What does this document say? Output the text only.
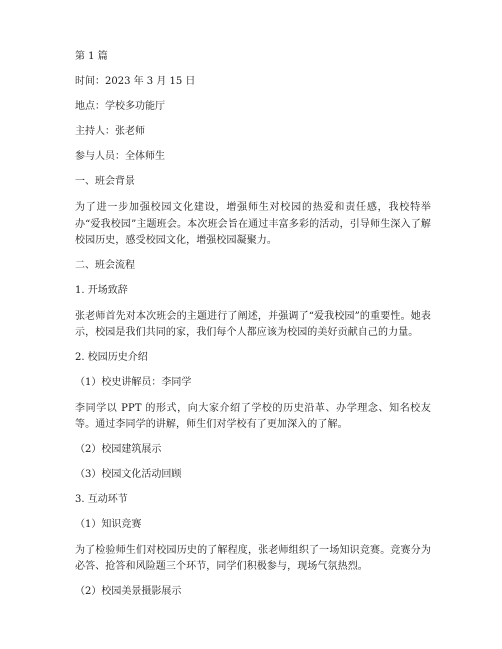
第 1 篇

时间：2023 年 3 月 15 日

地点：学校多功能厅

主持人：张老师

参与人员：全体师生

一、班会背景

为了进一步加强校园文化建设，增强师生对校园的热爱和责任感，我校特举办“爱我校园”主题班会。本次班会旨在通过丰富多彩的活动，引导师生深入了解校园历史，感受校园文化，增强校园凝聚力。

二、班会流程

1. 开场致辞

张老师首先对本次班会的主题进行了阐述，并强调了“爱我校园”的重要性。她表示，校园是我们共同的家，我们每个人都应该为校园的美好贡献自己的力量。

2. 校园历史介绍

（1）校史讲解员：李同学

李同学以 PPT 的形式，向大家介绍了学校的历史沿革、办学理念、知名校友等。通过李同学的讲解，师生们对学校有了更加深入的了解。

（2）校园建筑展示

（3）校园文化活动回顾

3. 互动环节

（1）知识竞赛

为了检验师生们对校园历史的了解程度，张老师组织了一场知识竞赛。竞赛分为必答、抢答和风险题三个环节，同学们积极参与，现场气氛热烈。

（2）校园美景摄影展示
